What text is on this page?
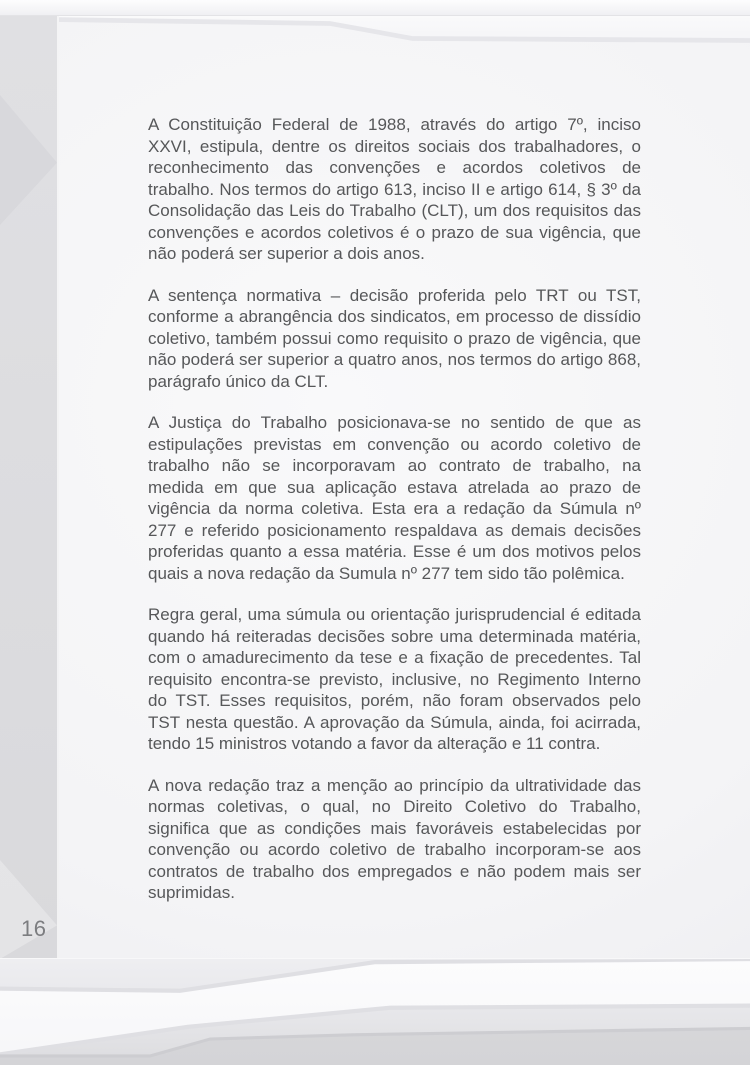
16

A Constituição Federal de 1988, através do artigo 7º, inciso XXVI, estipula, dentre os direitos sociais dos trabalhadores, o reconhecimento das convenções e acordos coletivos de trabalho. Nos termos do artigo 613, inciso II e artigo 614, § 3º da Consolidação das Leis do Trabalho (CLT), um dos requisitos das convenções e acordos coletivos é o prazo de sua vigência, que não poderá ser superior a dois anos.

A sentença normativa – decisão proferida pelo TRT ou TST, conforme a abrangência dos sindicatos, em processo de dissídio coletivo, também possui como requisito o prazo de vigência, que não poderá ser superior a quatro anos, nos termos do artigo 868, parágrafo único da CLT.

A Justiça do Trabalho posicionava-se no sentido de que as estipulações previstas em convenção ou acordo coletivo de trabalho não se incorporavam ao contrato de trabalho, na medida em que sua aplicação estava atrelada ao prazo de vigência da norma coletiva. Esta era a redação da Súmula nº 277 e referido posicionamento respaldava as demais decisões proferidas quanto a essa matéria. Esse é um dos motivos pelos quais a nova redação da Sumula nº 277 tem sido tão polêmica.

Regra geral, uma súmula ou orientação jurisprudencial é editada quando há reiteradas decisões sobre uma determinada matéria, com o amadurecimento da tese e a fixação de precedentes. Tal requisito encontra-se previsto, inclusive, no Regimento Interno do TST. Esses requisitos, porém, não foram observados pelo TST nesta questão. A aprovação da Súmula, ainda, foi acirrada, tendo 15 ministros votando a favor da alteração e 11 contra.

A nova redação traz a menção ao princípio da ultratividade das normas coletivas, o qual, no Direito Coletivo do Trabalho, significa que as condições mais favoráveis estabelecidas por convenção ou acordo coletivo de trabalho incorporam-se aos contratos de trabalho dos empregados e não podem mais ser suprimidas.
